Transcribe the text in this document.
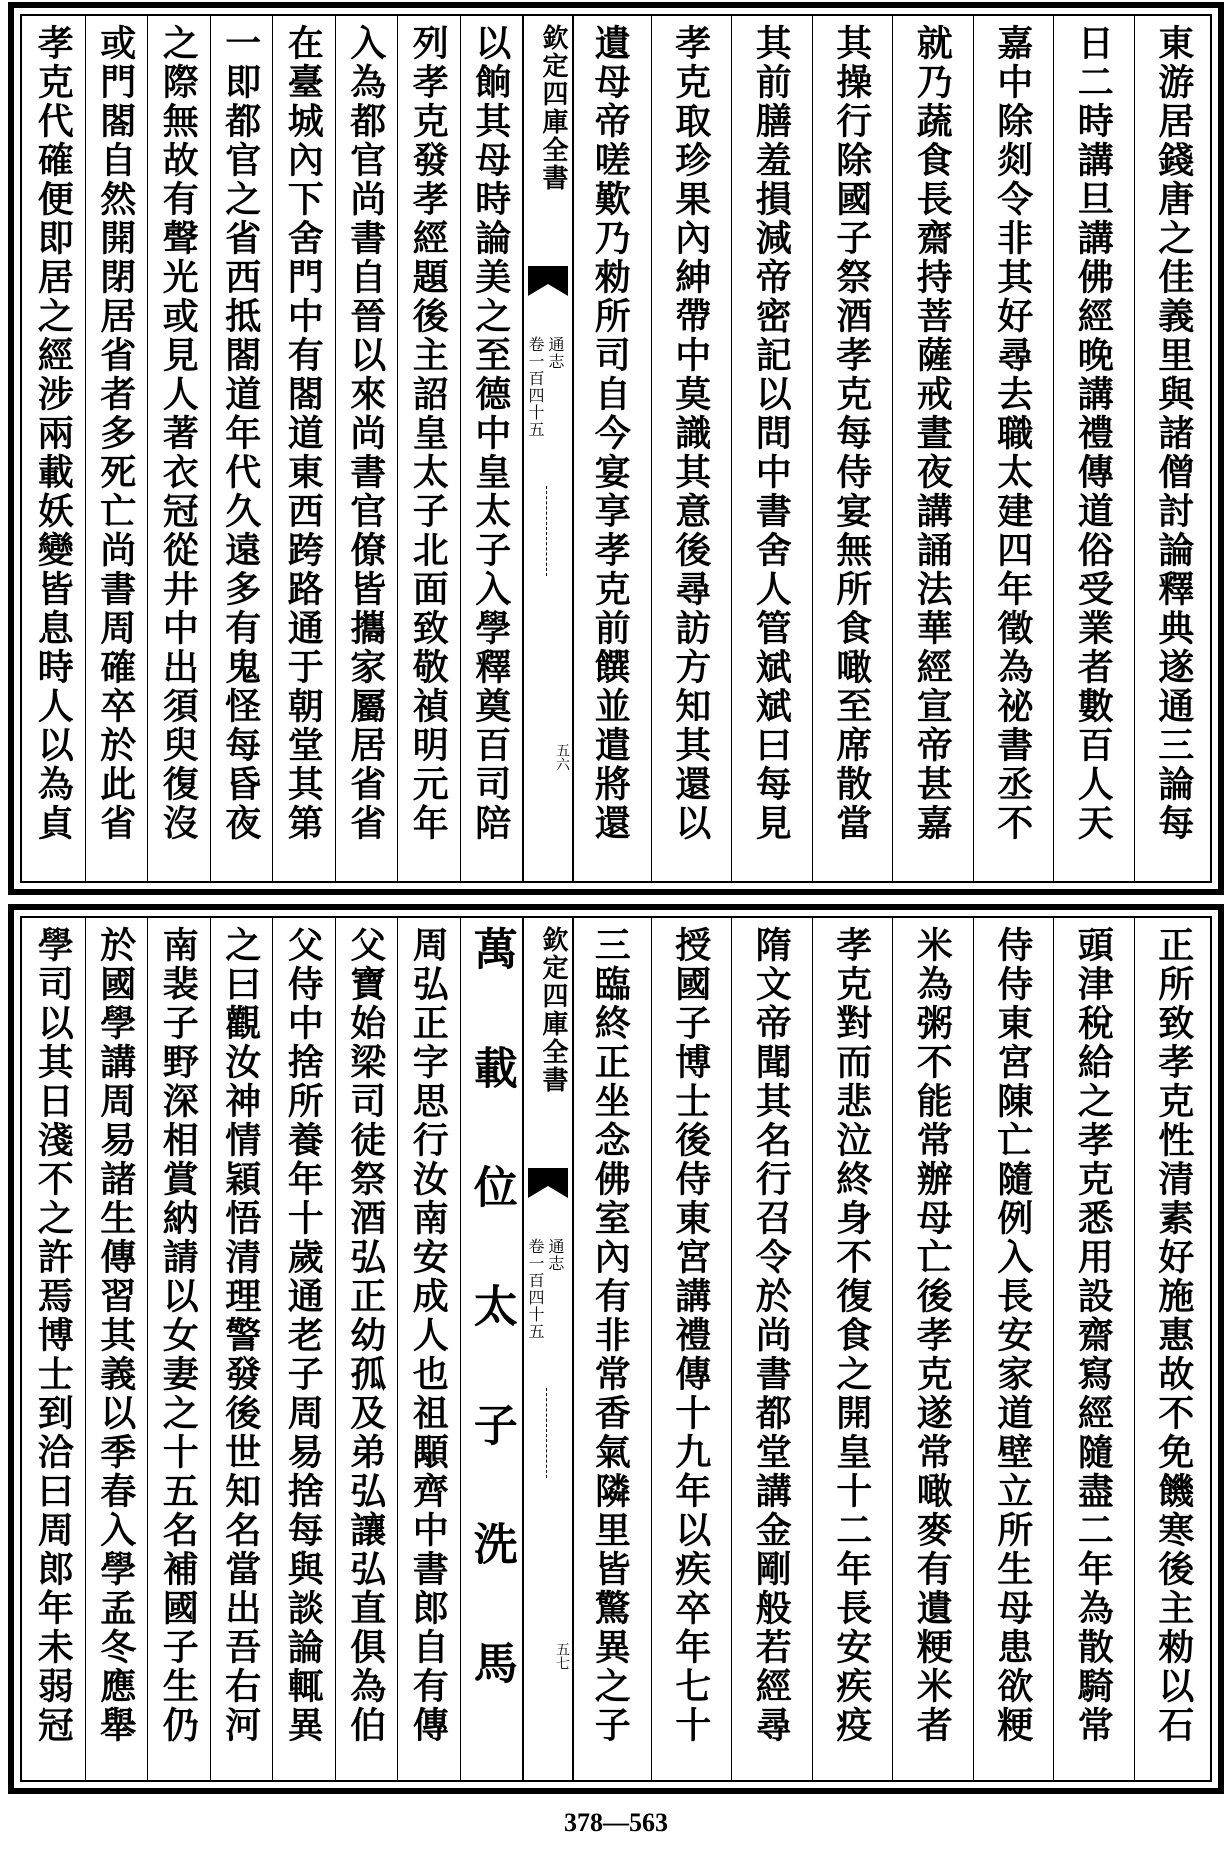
東游居錢唐之佳義里與諸僧討論釋典遂通三論每
日二時講旦講佛經晚講禮傳道俗受業者數百人天
嘉中除剡令非其好尋去職太建四年徵為祕書丞不
就乃蔬食長齋持菩薩戒晝夜講誦法華經宣帝甚嘉
其操行除國子祭酒孝克每侍宴無所食噉至席散當
其前膳羞損減帝密記以問中書舍人管斌斌曰每見
孝克取珍果內紳帶中莫識其意後尋訪方知其還以
遺母帝嗟歎乃勑所司自今宴享孝克前饌並遣將還
以餉其母時論美之至德中皇太子入學釋奠百司陪
列孝克發孝經題後主詔皇太子北面致敬禎明元年
入為都官尚書自晉以來尚書官僚皆攜家屬居省省
在臺城內下舍門中有閤道東西跨路通于朝堂其第
一即都官之省西抵閤道年代久遠多有鬼怪每昏夜
之際無故有聲光或見人著衣冠從井中出須臾復沒
或門閤自然開閉居省者多死亡尚書周確卒於此省
孝克代確便即居之經涉兩載妖變皆息時人以為貞	欽定四庫全書
卷一百四十五 通志
五六
正所致孝克性清素好施惠故不免饑寒後主勑以石
頭津稅給之孝克悉用設齋寫經隨盡二年為散騎常
侍侍東宮陳亡隨例入長安家道壁立所生母患欲粳
米為粥不能常辦母亡後孝克遂常噉麥有遺粳米者
孝克對而悲泣終身不復食之開皇十二年長安疾疫
隋文帝聞其名行召令於尚書都堂講金剛般若經尋
授國子博士後侍東宮講禮傳十九年以疾卒年七十
三臨終正坐念佛室內有非常香氣隣里皆驚異之子
萬載位太子洗馬
周弘正字思行汝南安成人也祖顒齊中書郎自有傳
父寶始梁司徒祭酒弘正幼孤及弟弘讓弘直俱為伯
父侍中捨所養年十歲通老子周易捨每與談論輒異
之曰觀汝神情穎悟清理警發後世知名當出吾右河
南裴子野深相賞納請以女妻之十五名補國子生仍
於國學講周易諸生傳習其義以季春入學孟冬應舉
學司以其日淺不之許焉博士到洽曰周郎年未弱冠	欽定四庫全書
卷一百四十五 通志
五七
378—563
